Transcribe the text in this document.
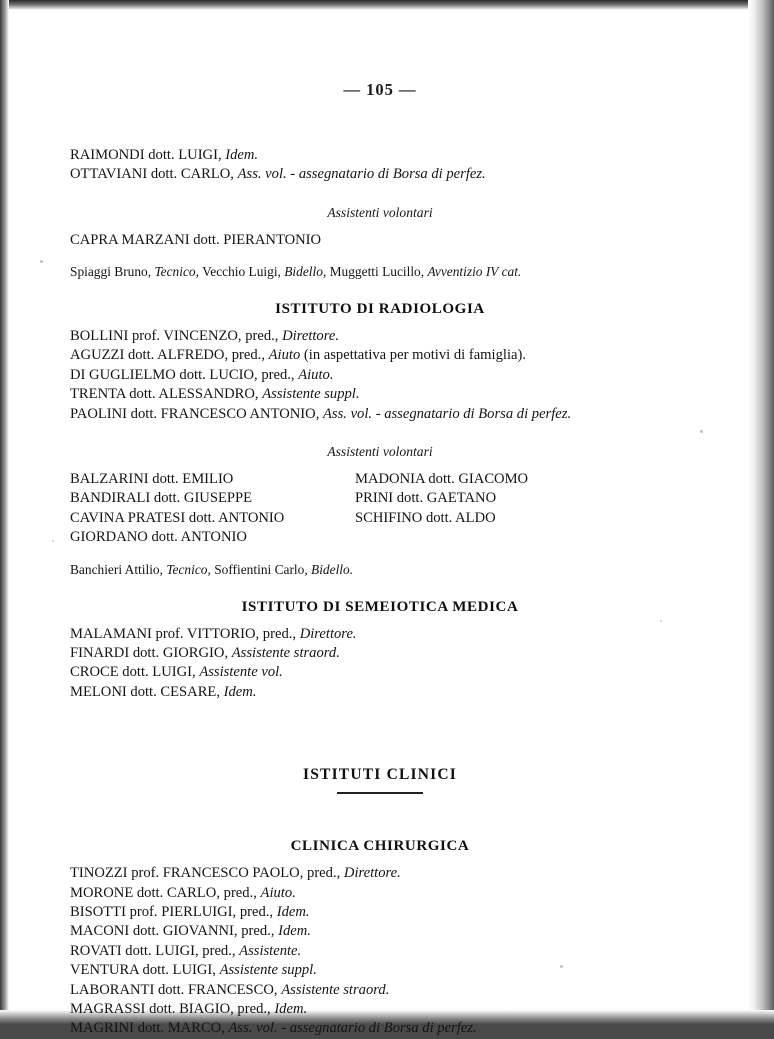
— 105 —
RAIMONDI dott. LUIGI, Idem.
OTTAVIANI dott. CARLO, Ass. vol. - assegnatario di Borsa di perfez.
Assistenti volontari
CAPRA MARZANI dott. PIERANTONIO
Spiaggi Bruno, Tecnico, Vecchio Luigi, Bidello, Muggetti Lucillo, Avventizio IV cat.
ISTITUTO DI RADIOLOGIA
BOLLINI prof. VINCENZO, pred., Direttore.
AGUZZI dott. ALFREDO, pred., Aiuto (in aspettativa per motivi di famiglia).
DI GUGLIELMO dott. LUCIO, pred., Aiuto.
TRENTA dott. ALESSANDRO, Assistente suppl.
PAOLINI dott. FRANCESCO ANTONIO, Ass. vol. - assegnatario di Borsa di perfez.
Assistenti volontari
BALZARINI dott. EMILIO
BANDIRALI dott. GIUSEPPE
CAVINA PRATESI dott. ANTONIO
GIORDANO dott. ANTONIO
MADONIA dott. GIACOMO
PRINI dott. GAETANO
SCHIFINO dott. ALDO
Banchieri Attilio, Tecnico, Soffientini Carlo, Bidello.
ISTITUTO DI SEMEIOTICA MEDICA
MALAMANI prof. VITTORIO, pred., Direttore.
FINARDI dott. GIORGIO, Assistente straord.
CROCE dott. LUIGI, Assistente vol.
MELONI dott. CESARE, Idem.
ISTITUTI CLINICI
CLINICA CHIRURGICA
TINOZZI prof. FRANCESCO PAOLO, pred., Direttore.
MORONE dott. CARLO, pred., Aiuto.
BISOTTI prof. PIERLUIGI, pred., Idem.
MACONI dott. GIOVANNI, pred., Idem.
ROVATI dott. LUIGI, pred., Assistente.
VENTURA dott. LUIGI, Assistente suppl.
LABORANTI dott. FRANCESCO, Assistente straord.
MAGRASSI dott. BIAGIO, pred., Idem.
MAGRINI dott. MARCO, Ass. vol. - assegnatario di Borsa di perfez.
